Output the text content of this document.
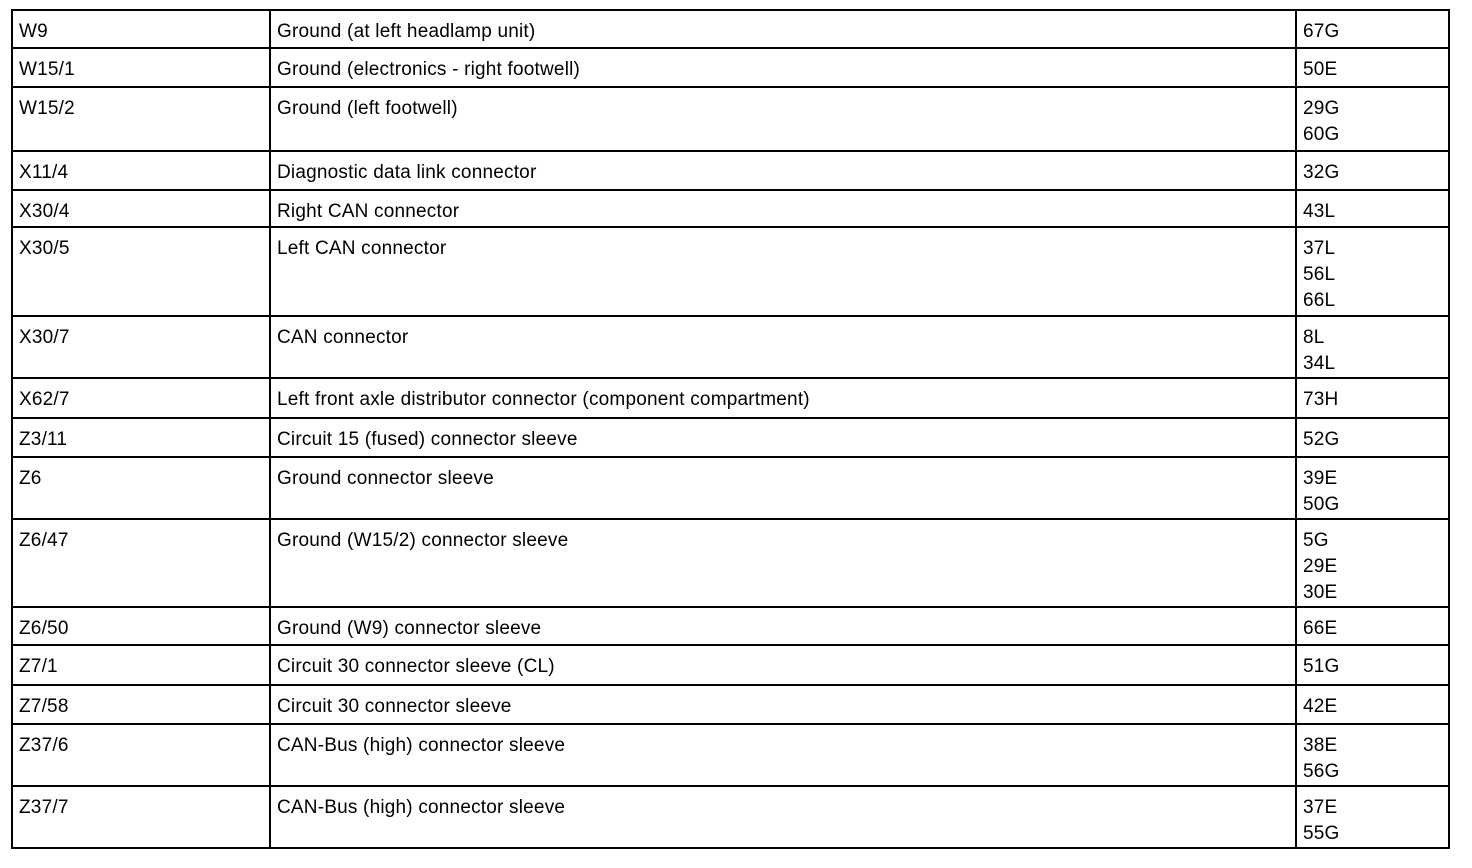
W9	Ground (at left headlamp unit)	67G

W15/1	Ground (electronics - right footwell)	50E

W15/2	Ground (left footwell)	29G
60G

X11/4	Diagnostic data link connector	32G

X30/4	Right CAN connector	43L

X30/5	Left CAN connector	37L
56L
66L

X30/7	CAN connector	8L
34L

X62/7	Left front axle distributor connector (component compartment)	73H

Z3/11	Circuit 15 (fused) connector sleeve	52G

Z6	Ground connector sleeve	39E
50G

Z6/47	Ground (W15/2) connector sleeve	5G
29E
30E

Z6/50	Ground (W9) connector sleeve	66E

Z7/1	Circuit 30 connector sleeve (CL)	51G

Z7/58	Circuit 30 connector sleeve	42E

Z37/6	CAN-Bus (high) connector sleeve	38E
56G

Z37/7	CAN-Bus (high) connector sleeve	37E
55G
